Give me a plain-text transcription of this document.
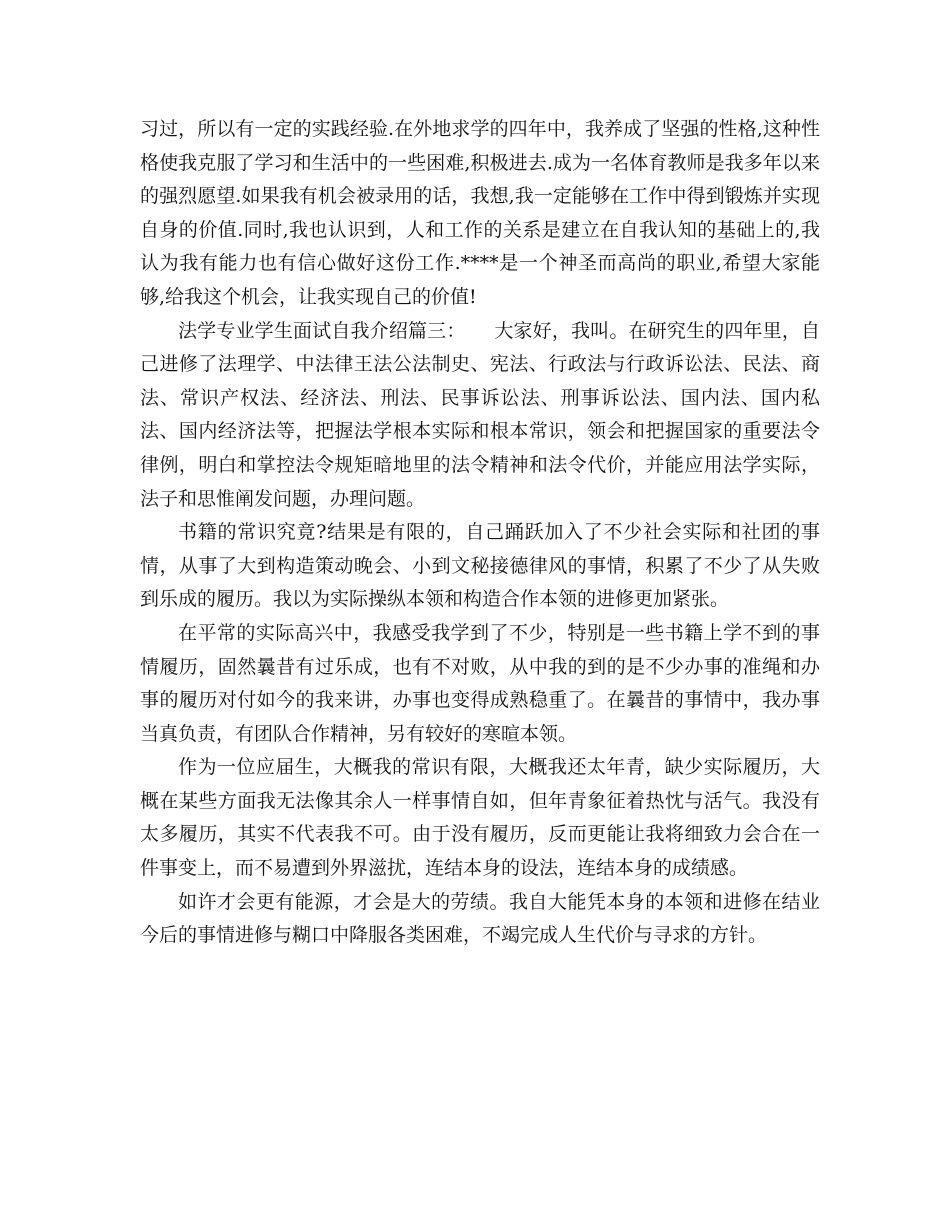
习过，所以有一定的实践经验.在外地求学的四年中，我养成了坚强的性格,这种性格使我克服了学习和生活中的一些困难,积极进去.成为一名体育教师是我多年以来的强烈愿望.如果我有机会被录用的话，我想,我一定能够在工作中得到锻炼并实现自身的价值.同时,我也认识到，人和工作的关系是建立在自我认知的基础上的,我认为我有能力也有信心做好这份工作.****是一个神圣而高尚的职业,希望大家能够,给我这个机会，让我实现自己的价值!

法学专业学生面试自我介绍篇三：　　大家好，我叫。在研究生的四年里，自己进修了法理学、中法律王法公法制史、宪法、行政法与行政诉讼法、民法、商法、常识产权法、经济法、刑法、民事诉讼法、刑事诉讼法、国内法、国内私法、国内经济法等，把握法学根本实际和根本常识，领会和把握国家的重要法令律例，明白和掌控法令规矩暗地里的法令精神和法令代价，并能应用法学实际，法子和思惟阐发问题，办理问题。

书籍的常识究竟?结果是有限的，自己踊跃加入了不少社会实际和社团的事情，从事了大到构造策动晚会、小到文秘接德律风的事情，积累了不少了从失败到乐成的履历。我以为实际操纵本领和构造合作本领的进修更加紧张。

在平常的实际高兴中，我感受我学到了不少，特别是一些书籍上学不到的事情履历，固然曩昔有过乐成，也有不对败，从中我的到的是不少办事的准绳和办事的履历对付如今的我来讲，办事也变得成熟稳重了。在曩昔的事情中，我办事当真负责，有团队合作精神，另有较好的寒暄本领。

作为一位应届生，大概我的常识有限，大概我还太年青，缺少实际履历，大概在某些方面我无法像其余人一样事情自如，但年青象征着热忱与活气。我没有太多履历，其实不代表我不可。由于没有履历，反而更能让我将细致力会合在一件事变上，而不易遭到外界滋扰，连结本身的设法，连结本身的成绩感。

如许才会更有能源，才会是大的劳绩。我自大能凭本身的本领和进修在结业今后的事情进修与糊口中降服各类困难，不竭完成人生代价与寻求的方针。
